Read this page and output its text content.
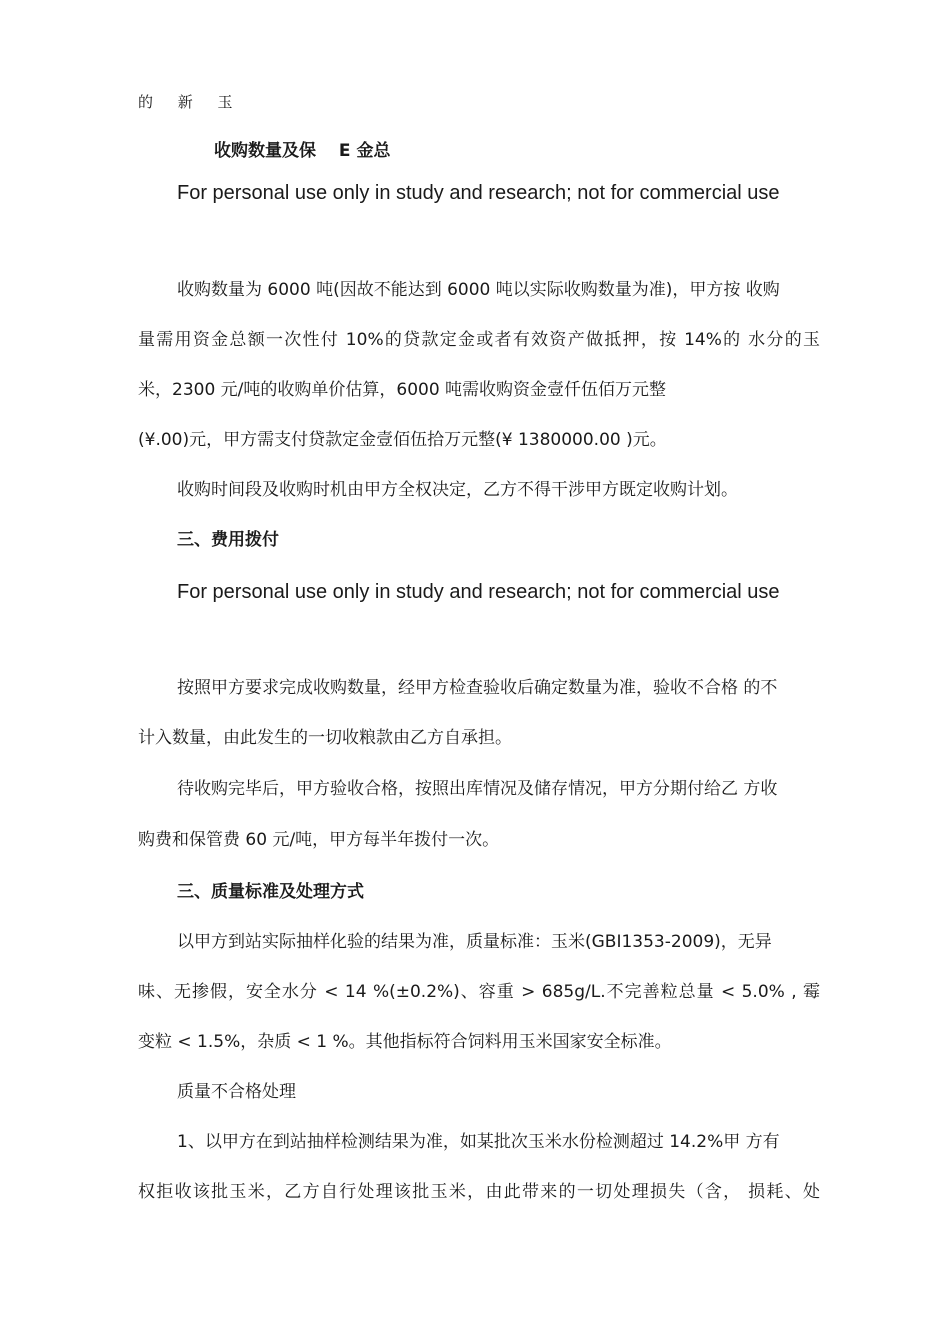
的 新 玉
收购数量及保　 E 金总
For personal use only in study and research; not for commercial use
收购数量为 6000 吨(因故不能达到 6000 吨以实际收购数量为准)，甲方按 收购
量需用资金总额一次性付 10%的贷款定金或者有效资产做抵押，按 14%的 水分的玉
米，2300 元/吨的收购单价估算，6000 吨需收购资金壹仟伍佰万元整
(¥.00)元，甲方需支付贷款定金壹佰伍拾万元整(¥ 1380000.00 )元。
收购时间段及收购时机由甲方全权决定，乙方不得干涉甲方既定收购计划。
三、费用拨付
For personal use only in study and research; not for commercial use
按照甲方要求完成收购数量，经甲方检查验收后确定数量为准，验收不合格 的不
计入数量，由此发生的一切收粮款由乙方自承担。
待收购完毕后，甲方验收合格，按照出库情况及储存情况，甲方分期付给乙 方收
购费和保管费 60 元/吨，甲方每半年拨付一次。
三、质量标准及处理方式
以甲方到站实际抽样化验的结果为准，质量标准：玉米(GBI1353-2009)，无异
味、无掺假，安全水分 < 14 %(±0.2%)、容重 > 685g/L.不完善粒总量 < 5.0% , 霉
变粒 < 1.5%，杂质 < 1 %。其他指标符合饲料用玉米国家安全标准。
质量不合格处理
1、以甲方在到站抽样检测结果为准，如某批次玉米水份检测超过 14.2%甲 方有
权拒收该批玉米，乙方自行处理该批玉米，由此带来的一切处理损失（含， 损耗、处
